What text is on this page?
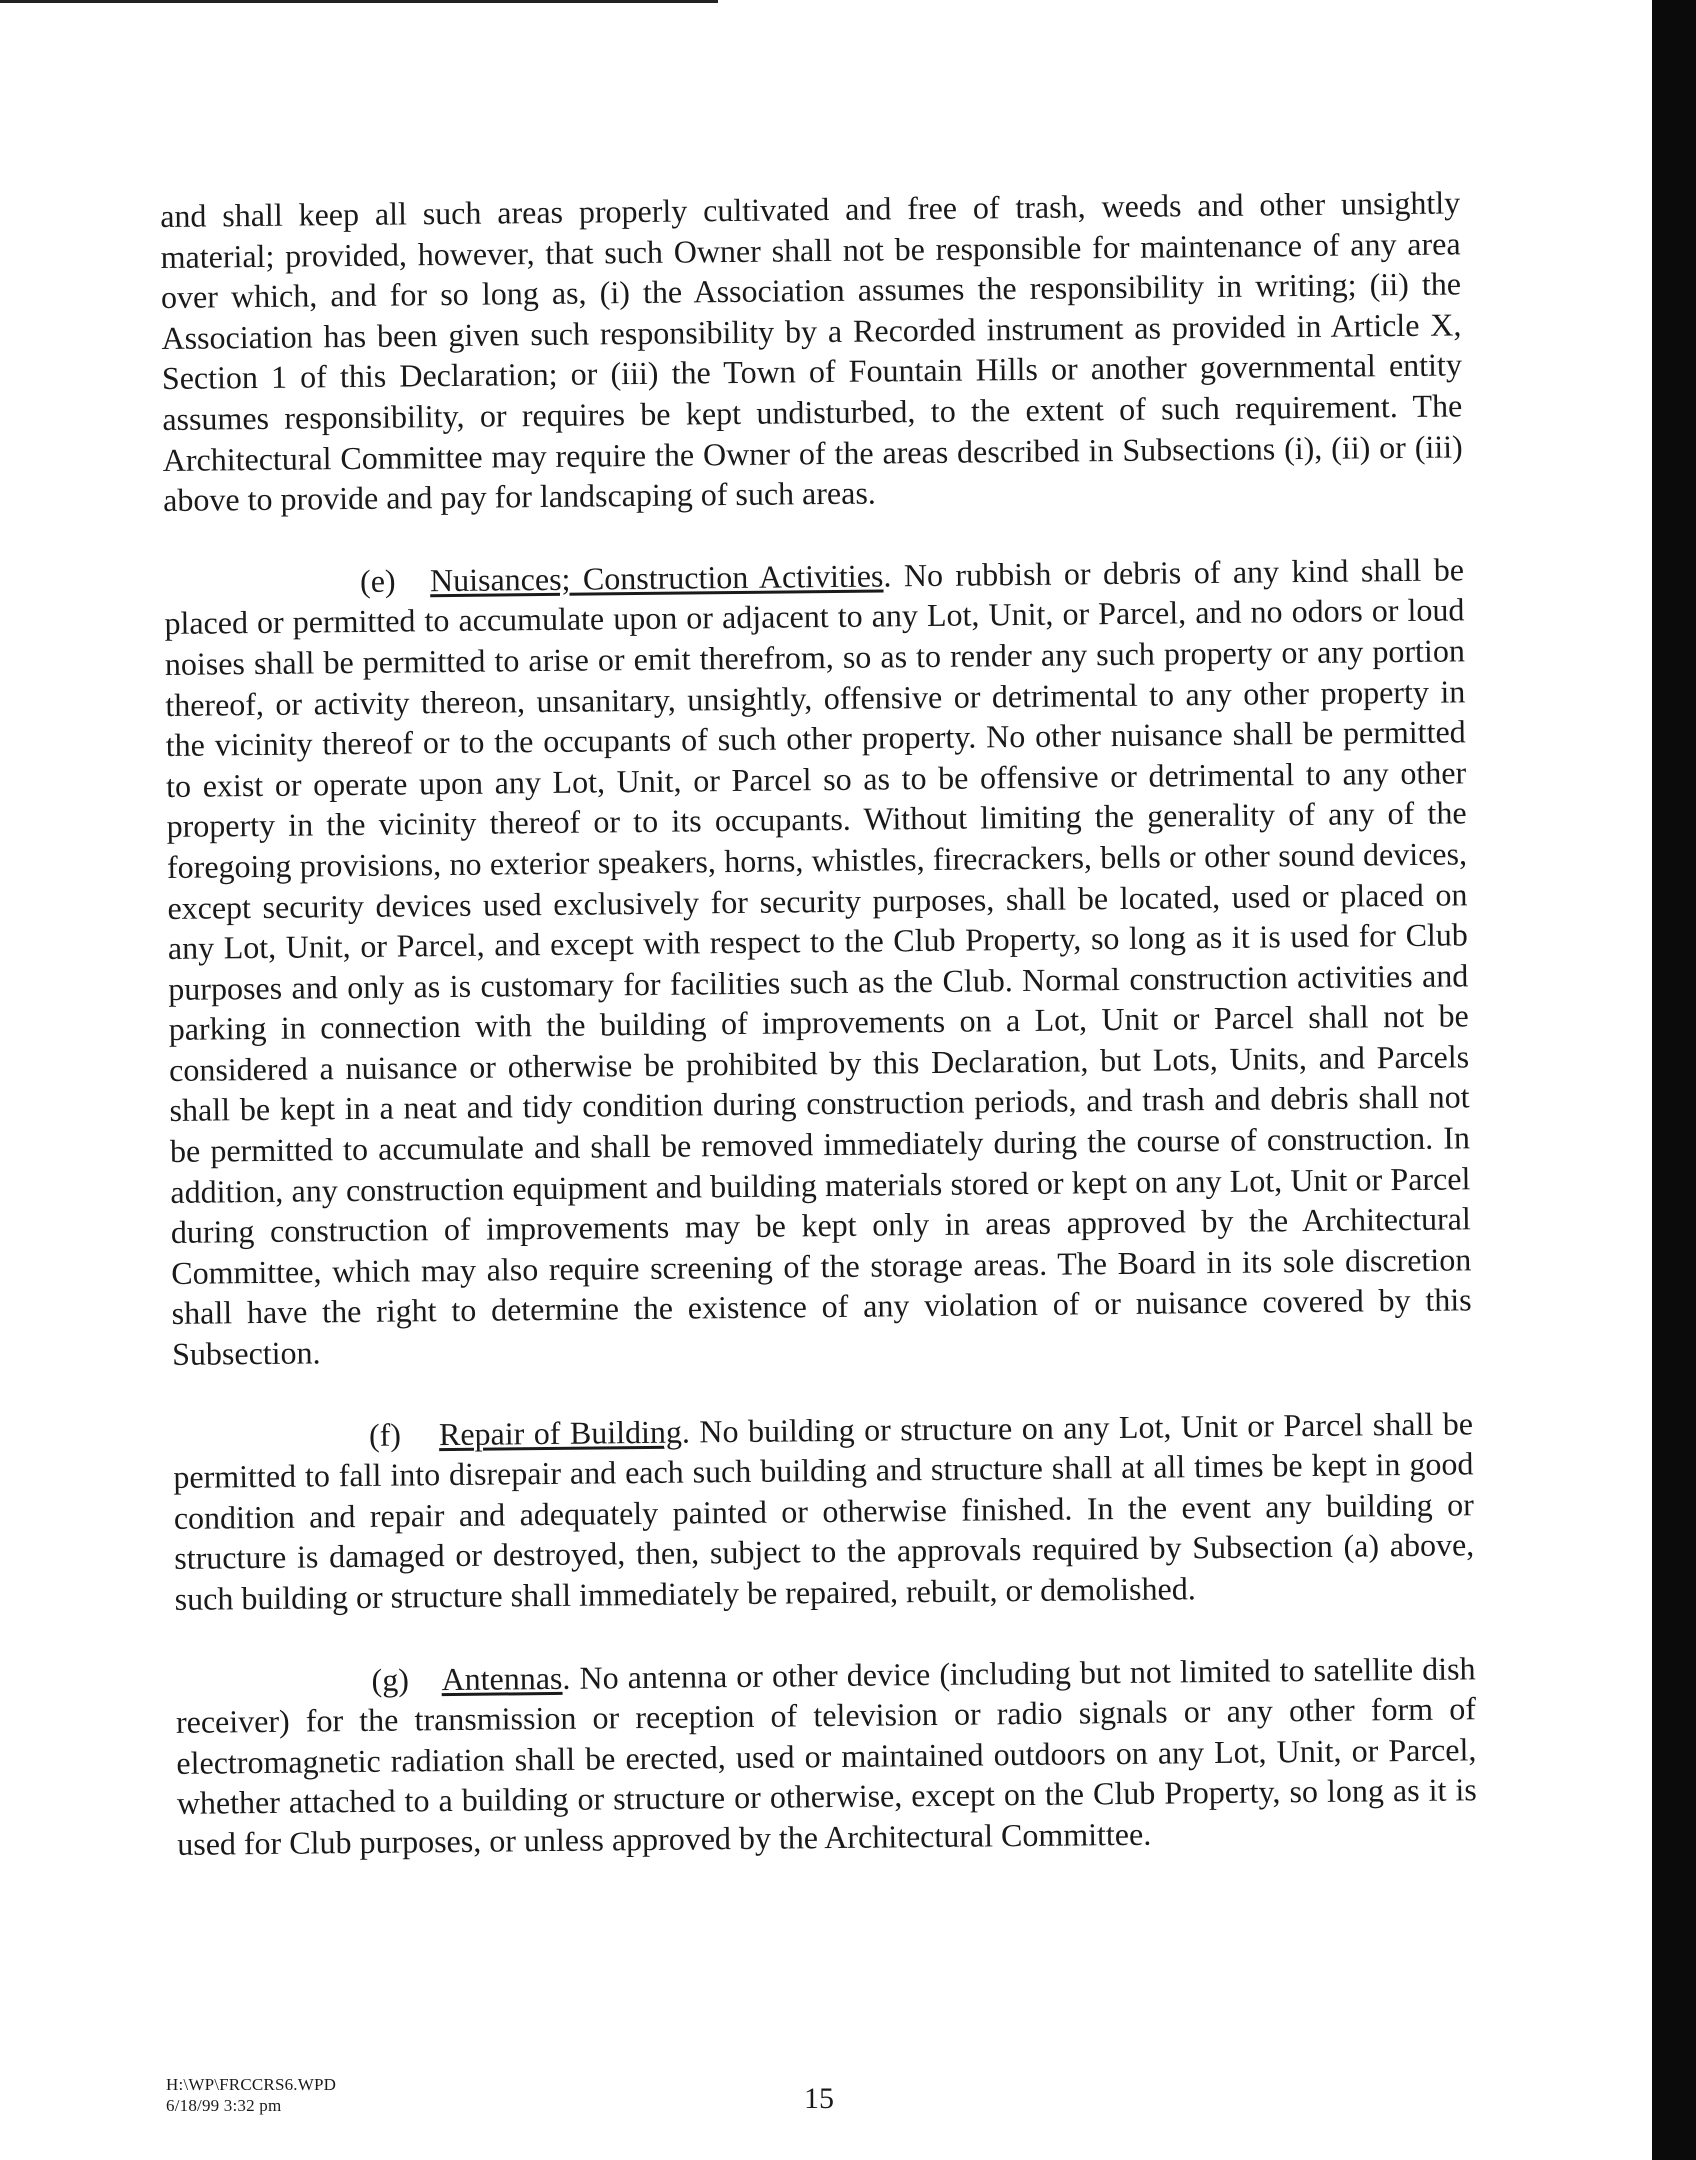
and shall keep all such areas properly cultivated and free of trash, weeds and other unsightly material; provided, however, that such Owner shall not be responsible for maintenance of any area over which, and for so long as, (i) the Association assumes the responsibility in writing; (ii) the Association has been given such responsibility by a Recorded instrument as provided in Article X, Section 1 of this Declaration; or (iii) the Town of Fountain Hills or another governmental entity assumes responsibility, or requires be kept undisturbed, to the extent of such requirement. The Architectural Committee may require the Owner of the areas described in Subsections (i), (ii) or (iii) above to provide and pay for landscaping of such areas.

(e) Nuisances; Construction Activities. No rubbish or debris of any kind shall be placed or permitted to accumulate upon or adjacent to any Lot, Unit, or Parcel, and no odors or loud noises shall be permitted to arise or emit therefrom, so as to render any such property or any portion thereof, or activity thereon, unsanitary, unsightly, offensive or detrimental to any other property in the vicinity thereof or to the occupants of such other property. No other nuisance shall be permitted to exist or operate upon any Lot, Unit, or Parcel so as to be offensive or detrimental to any other property in the vicinity thereof or to its occupants. Without limiting the generality of any of the foregoing provisions, no exterior speakers, horns, whistles, firecrackers, bells or other sound devices, except security devices used exclusively for security purposes, shall be located, used or placed on any Lot, Unit, or Parcel, and except with respect to the Club Property, so long as it is used for Club purposes and only as is customary for facilities such as the Club. Normal construction activities and parking in connection with the building of improvements on a Lot, Unit or Parcel shall not be considered a nuisance or otherwise be prohibited by this Declaration, but Lots, Units, and Parcels shall be kept in a neat and tidy condition during construction periods, and trash and debris shall not be permitted to accumulate and shall be removed immediately during the course of construction. In addition, any construction equipment and building materials stored or kept on any Lot, Unit or Parcel during construction of improvements may be kept only in areas approved by the Architectural Committee, which may also require screening of the storage areas. The Board in its sole discretion shall have the right to determine the existence of any violation of or nuisance covered by this Subsection.

(f) Repair of Building. No building or structure on any Lot, Unit or Parcel shall be permitted to fall into disrepair and each such building and structure shall at all times be kept in good condition and repair and adequately painted or otherwise finished. In the event any building or structure is damaged or destroyed, then, subject to the approvals required by Subsection (a) above, such building or structure shall immediately be repaired, rebuilt, or demolished.

(g) Antennas. No antenna or other device (including but not limited to satellite dish receiver) for the transmission or reception of television or radio signals or any other form of electromagnetic radiation shall be erected, used or maintained outdoors on any Lot, Unit, or Parcel, whether attached to a building or structure or otherwise, except on the Club Property, so long as it is used for Club purposes, or unless approved by the Architectural Committee.

H:\WP\FRCCRS6.WPD
6/18/99 3:32 pm	15
